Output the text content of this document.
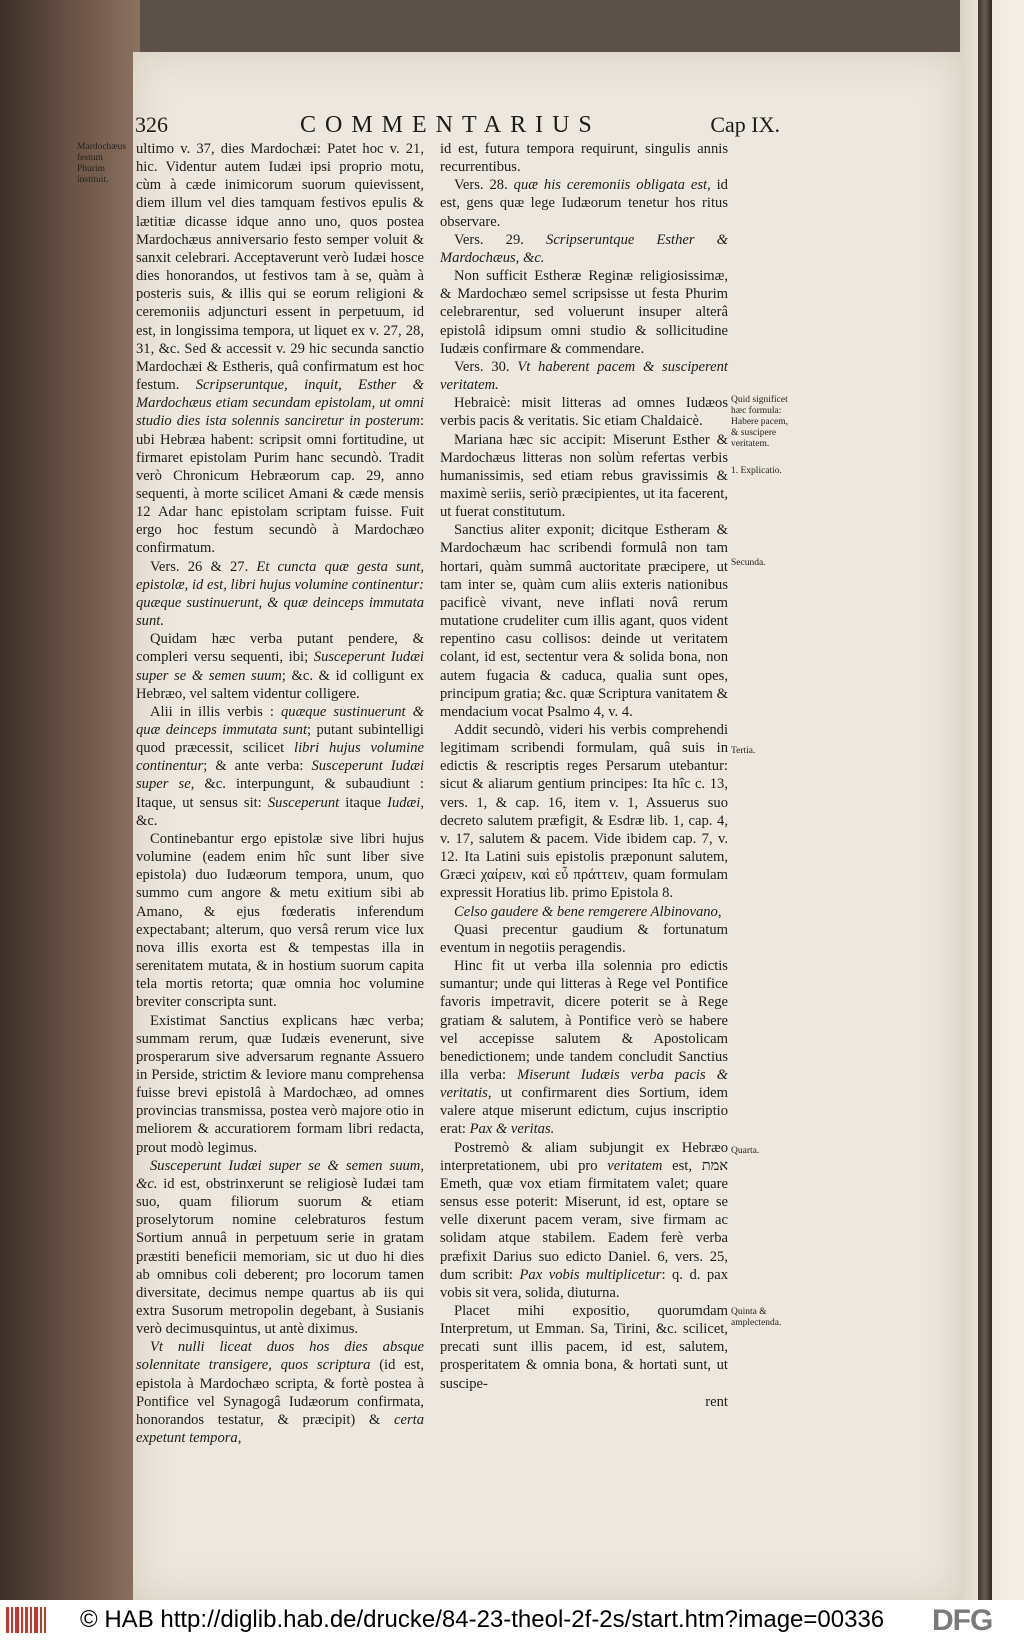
326	COMMENTARIUS	Cap IX.
Mardochæus festum Phurim instituit.
Quid significet hæc formula: Habere pacem, & suscipere veritatem.
1. Explicatio.
Secunda.
Tertia.
Quarta.
Quinta & amplectenda.

ultimo v. 37, dies Mardochæi: Patet hoc v. 21, hic. Videntur autem Iudæi ipsi proprio motu, cùm à cæde inimicorum suorum quievissent, diem illum vel dies tamquam festivos epulis & lætitiæ dicasse idque anno uno, quos postea Mardochæus anniversario festo semper voluit & sanxit celebrari. Acceptaverunt verò Iudæi hosce dies honorandos, ut festivos tam à se, quàm à posteris suis, & illis qui se eorum religioni & ceremoniis adjuncturi essent in perpetuum, id est, in longissima tempora, ut liquet ex v. 27, 28, 31, &c. Sed & accessit v. 29 hic secunda sanctio Mardochæi & Estheris, quâ confirmatum est hoc festum. Scripseruntque, inquit, Esther & Mardochæus etiam secundam epistolam, ut omni studio dies ista solennis sanciretur in posterum: ubi Hebræa habent: scripsit omni fortitudine, ut firmaret epistolam Purim hanc secundò. Tradit verò Chronicum Hebræorum cap. 29, anno sequenti, à morte scilicet Amani & cæde mensis 12 Adar hanc epistolam scriptam fuisse. Fuit ergo hoc festum secundò à Mardochæo confirmatum.

Vers. 26 & 27. Et cuncta quæ gesta sunt, epistolæ, id est, libri hujus volumine continentur: quæque sustinuerunt, & quæ deinceps immutata sunt.

Quidam hæc verba putant pendere, & compleri versu sequenti, ibi; Susceperunt Iudæi super se & semen suum; &c. & id colligunt ex Hebræo, vel saltem videntur colligere.

Alii in illis verbis : quæque sustinuerunt & quæ deinceps immutata sunt; putant subintelligi quod præcessit, scilicet libri hujus volumine continentur; & ante verba: Susceperunt Iudæi super se, &c. interpungunt, & subaudiunt : Itaque, ut sensus sit: Susceperunt itaque Iudæi, &c.

Continebantur ergo epistolæ sive libri hujus volumine (eadem enim hîc sunt liber sive epistola) duo Iudæorum tempora, unum, quo summo cum angore & metu exitium sibi ab Amano, & ejus fœderatis inferendum expectabant; alterum, quo versâ rerum vice lux nova illis exorta est & tempestas illa in serenitatem mutata, & in hostium suorum capita tela mortis retorta; quæ omnia hoc volumine breviter conscripta sunt.

Existimat Sanctius explicans hæc verba; summam rerum, quæ Iudæis evenerunt, sive prosperarum sive adversarum regnante Assuero in Perside, strictim & leviore manu comprehensa fuisse brevi epistolâ à Mardochæo, ad omnes provincias transmissa, postea verò majore otio in meliorem & accuratiorem formam libri redacta, prout modò legimus.

Susceperunt Iudæi super se & semen suum, &c. id est, obstrinxerunt se religiosè Iudæi tam suo, quam filiorum suorum & etiam proselytorum nomine celebraturos festum Sortium annuâ in perpetuum serie in gratam præstiti beneficii memoriam, sic ut duo hi dies ab omnibus coli deberent; pro locorum tamen diversitate, decimus nempe quartus ab iis qui extra Susorum metropolin degebant, à Susianis verò decimusquintus, ut antè diximus.

Vt nulli liceat duos hos dies absque solennitate transigere, quos scriptura (id est, epistola à Mardochæo scripta, & fortè postea à Pontifice vel Synagogâ Iudæorum confirmata, honorandos testatur, & præcipit) & certa expetunt tempora,

id est, futura tempora requirunt, singulis annis recurrentibus.

Vers. 28. quæ his ceremoniis obligata est, id est, gens quæ lege Iudæorum tenetur hos ritus observare.

Vers. 29. Scripseruntque Esther & Mardochæus, &c.

Non sufficit Estheræ Reginæ religiosissimæ, & Mardochæo semel scripsisse ut festa Phurim celebrarentur, sed voluerunt insuper alterâ epistolâ idipsum omni studio & sollicitudine Iudæis confirmare & commendare.

Vers. 30. Vt haberent pacem & susciperent veritatem.

Hebraicè: misit litteras ad omnes Iudæos verbis pacis & veritatis. Sic etiam Chaldaicè.

Mariana hæc sic accipit: Miserunt Esther & Mardochæus litteras non solùm refertas verbis humanissimis, sed etiam rebus gravissimis & maximè seriis, seriò præcipientes, ut ita facerent, ut fuerat constitutum.

Sanctius aliter exponit; dicitque Estheram & Mardochæum hac scribendi formulâ non tam hortari, quàm summâ auctoritate præcipere, ut tam inter se, quàm cum aliis exteris nationibus pacificè vivant, neve inflati novâ rerum mutatione crudeliter cum illis agant, quos vident repentino casu collisos: deinde ut veritatem colant, id est, sectentur vera & solida bona, non autem fugacia & caduca, qualia sunt opes, principum gratia; &c. quæ Scriptura vanitatem & mendacium vocat Psalmo 4, v. 4.

Addit secundò, videri his verbis comprehendi legitimam scribendi formulam, quâ suis in edictis & rescriptis reges Persarum utebantur: sicut & aliarum gentium principes: Ita hîc c. 13, vers. 1, & cap. 16, item v. 1, Assuerus suo decreto salutem præfigit, & Esdræ lib. 1, cap. 4, v. 17, salutem & pacem. Vide ibidem cap. 7, v. 12. Ita Latini suis epistolis præponunt salutem, Græci χαίρειν, καὶ εὖ πράττειν, quam formulam expressit Horatius lib. primo Epistola 8.

Celso gaudere & bene remgerere Albinovano,

Quasi precentur gaudium & fortunatum eventum in negotiis peragendis.

Hinc fit ut verba illa solennia pro edictis sumantur; unde qui litteras à Rege vel Pontifice favoris impetravit, dicere poterit se à Rege gratiam & salutem, à Pontifice verò se habere vel accepisse salutem & Apostolicam benedictionem; unde tandem concludit Sanctius illa verba: Miserunt Iudæis verba pacis & veritatis, ut confirmarent dies Sortium, idem valere atque miserunt edictum, cujus inscriptio erat: Pax & veritas.

Postremò & aliam subjungit ex Hebræo interpretationem, ubi pro veritatem est, אמת Emeth, quæ vox etiam firmitatem valet; quare sensus esse poterit: Miserunt, id est, optare se velle dixerunt pacem veram, sive firmam ac solidam atque stabilem. Eadem ferè verba præfixit Darius suo edicto Daniel. 6, vers. 25, dum scribit: Pax vobis multiplicetur: q. d. pax vobis sit vera, solida, diuturna.

Placet mihi expositio, quorumdam Interpretum, ut Emman. Sa, Tirini, &c. scilicet, precati sunt illis pacem, id est, salutem, prosperitatem & omnia bona, & hortati sunt, ut suscipe-

rent

© HAB http://diglib.hab.de/drucke/84-23-theol-2f-2s/start.htm?image=00336 DFG
